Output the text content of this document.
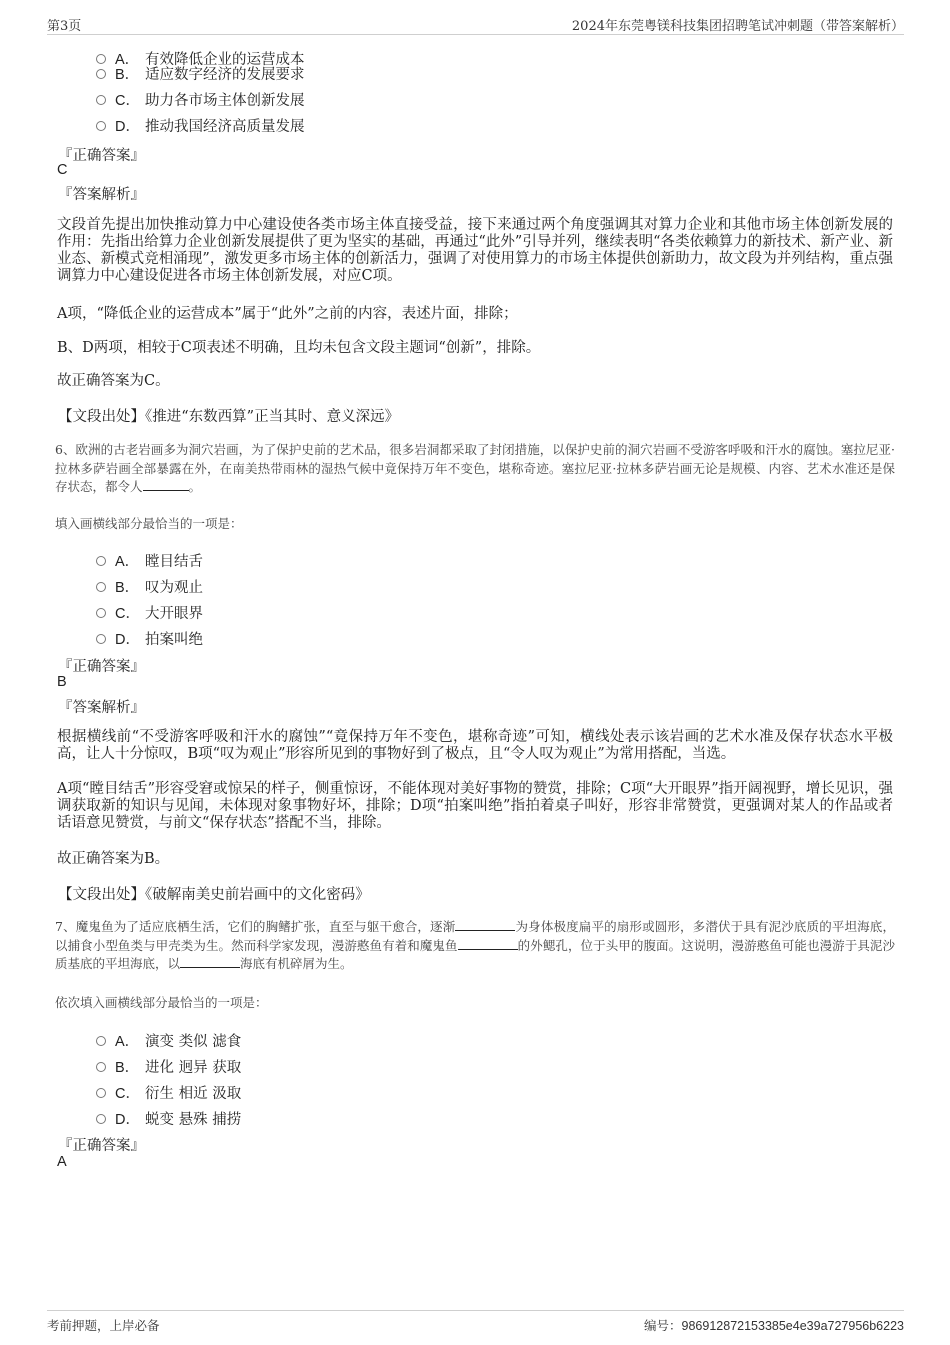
第3页	2024年东莞粤镁科技集团招聘笔试冲刺题（带答案解析）
A． 有效降低企业的运营成本
B． 适应数字经济的发展要求
C． 助力各市场主体创新发展
D． 推动我国经济高质量发展
『正确答案』
C
『答案解析』
文段首先提出加快推动算力中心建设使各类市场主体直接受益，接下来通过两个角度强调其对算力企业和其他市场主体创新发展的作用：先指出给算力企业创新发展提供了更为坚实的基础，再通过“此外”引导并列，继续表明“各类依赖算力的新技术、新产业、新业态、新模式竞相涌现”，激发更多市场主体的创新活力，强调了对使用算力的市场主体提供创新助力，故文段为并列结构，重点强调算力中心建设促进各市场主体创新发展，对应C项。
A项，“降低企业的运营成本”属于“此外”之前的内容，表述片面，排除；
B、D两项，相较于C项表述不明确，且均未包含文段主题词“创新”，排除。
故正确答案为C。
【文段出处】《推进“东数西算”正当其时、意义深远》
6、欧洲的古老岩画多为洞穴岩画，为了保护史前的艺术品，很多岩洞都采取了封闭措施，以保护史前的洞穴岩画不受游客呼吸和汗水的腐蚀。塞拉尼亚·拉林多萨岩画全部暴露在外，在南美热带雨林的湿热气候中竟保持万年不变色，堪称奇迹。塞拉尼亚·拉林多萨岩画无论是规模、内容、艺术水准还是保存状态，都令人	。
填入画横线部分最恰当的一项是：
A． 瞠目结舌
B． 叹为观止
C． 大开眼界
D． 拍案叫绝
『正确答案』
B
『答案解析』
根据横线前“不受游客呼吸和汗水的腐蚀”“竟保持万年不变色，堪称奇迹”可知，横线处表示该岩画的艺术水准及保存状态水平极高，让人十分惊叹，B项“叹为观止”形容所见到的事物好到了极点，且“令人叹为观止”为常用搭配，当选。
A项“瞠目结舌”形容受窘或惊呆的样子，侧重惊讶，不能体现对美好事物的赞赏，排除；C项“大开眼界”指开阔视野，增长见识，强调获取新的知识与见闻，未体现对象事物好坏，排除；D项“拍案叫绝”指拍着桌子叫好，形容非常赞赏，更强调对某人的作品或者话语意见赞赏，与前文“保存状态”搭配不当，排除。
故正确答案为B。
【文段出处】《破解南美史前岩画中的文化密码》
7、魔鬼鱼为了适应底栖生活，它们的胸鳍扩张，直至与躯干愈合，逐渐	为身体极度扁平的扇形或圆形，多潜伏于具有泥沙底质的平坦海底，以捕食小型鱼类与甲壳类为生。然而科学家发现，漫游憨鱼有着和魔鬼鱼	的外鳃孔，位于头甲的腹面。这说明，漫游憨鱼可能也漫游于具泥沙质基底的平坦海底，以	海底有机碎屑为生。
依次填入画横线部分最恰当的一项是：
A． 演变 类似 滤食
B． 进化 迥异 获取
C． 衍生 相近 汲取
D． 蜕变 悬殊 捕捞
『正确答案』
A
考前押题，上岸必备	编号：986912872153385e4e39a727956b6223
